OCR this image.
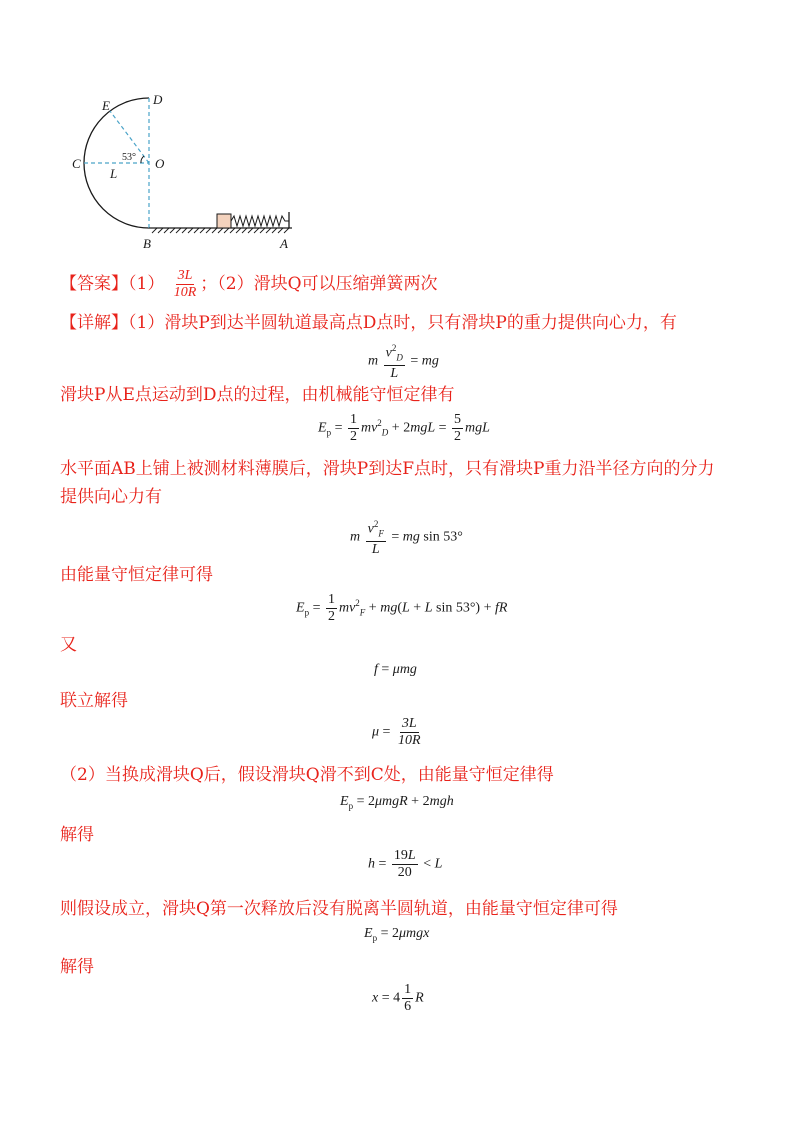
D
E
C	53° O
L
B	A
【答案】$(1) \frac{3L}{10R}$ ；（2）滑块Q可以压缩弹簧两次
【详解】（1）滑块P到达半圆轨道最高点D点时，只有滑块P的重力提供向心力，有
m $\frac{v^2_D}{L}$ = mg
滑块P从E点运动到D点的过程，由机械能守恒定律有
$E_p = \frac{1}{2} mv^2_D + 2mgL = \frac{5}{2}$ mgL
水平面AB上铺上被测材料薄膜后，滑块P到达F点时，只有滑块P重力沿半径方向的分力
提供向心力有
m $\frac{v^2_F}{L}$ = mg sin 53°
由能量守恒定律可得
$E_p = \frac{1}{2} mv^2_F + mg(L + L$ sin 53°) + fR
又
f = μmg
联立解得
$\mu = \frac{3L}{10R}$
（2）当换成滑块Q后，假设滑块Q滑不到C处，由能量守恒定律得
$E_p = 2\mu mgR + 2mgh$
解得
$h = \frac{19L}{20} < L$
则假设成立，滑块Q第一次释放后没有脱离半圆轨道，由能量守恒定律可得
$E_p = 2\mu mgx$
解得
$x = 4 \frac{1}{6}$ R
